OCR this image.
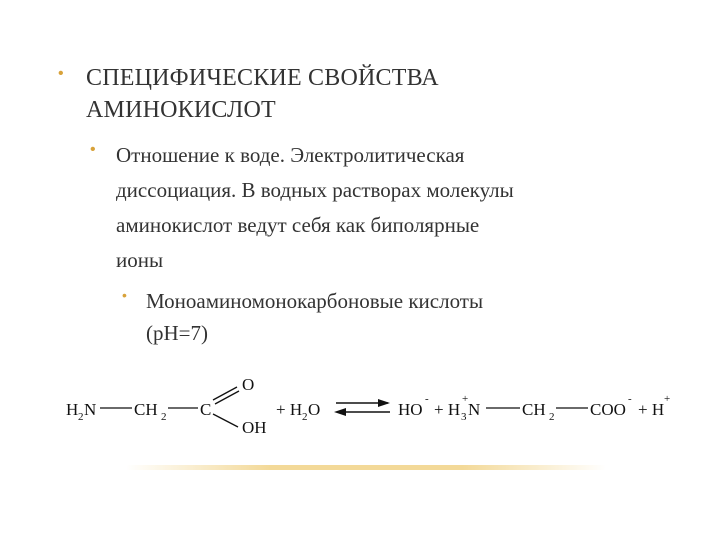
• СПЕЦИФИЧЕСКИЕ СВОЙСТВА
АМИНОКИСЛОТ
• Отношение к воде. Электролитическая
диссоциация. В водных растворах молекулы
аминокислот ведут себя как биполярные
ионы
• Моноаминомонокарбоновые кислоты
(pH=7)
H 2 N CH 2 C
O
OH
+ H 2 O	HO
-
+ H 3
+
N CH 2 COO
-
+ H
+
